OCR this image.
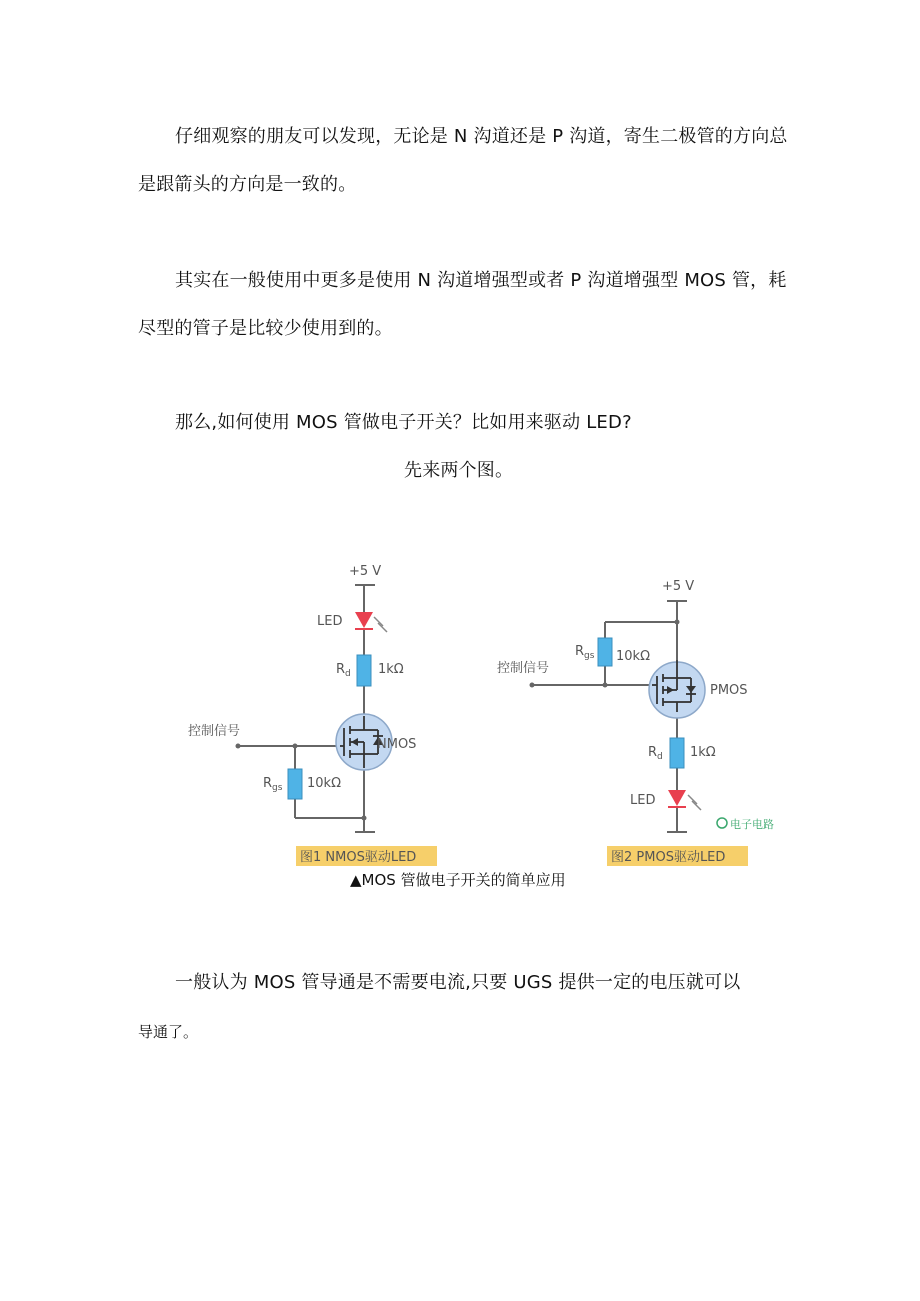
仔细观察的朋友可以发现，无论是 N 沟道还是 P 沟道，寄生二极管的方向总
是跟箭头的方向是一致的。
其实在一般使用中更多是使用 N 沟道增强型或者 P 沟道增强型 MOS 管，耗
尽型的管子是比较少使用到的。
那么,如何使用 MOS 管做电子开关？比如用来驱动 LED?
先来两个图。
+5 V
LED
$R_d$ 1kΩ
$R_{gs}$ 10kΩ
控制信号
NMOS
图1 NMOS驱动LED
+5 V
$R_{gs}$ 10kΩ
控制信号
PMOS
$R_d$ 1kΩ
LED
电子电路
图2 PMOS驱动LED
▲MOS 管做电子开关的简单应用
一般认为 MOS 管导通是不需要电流,只要 UGS 提供一定的电压就可以
导通了。
